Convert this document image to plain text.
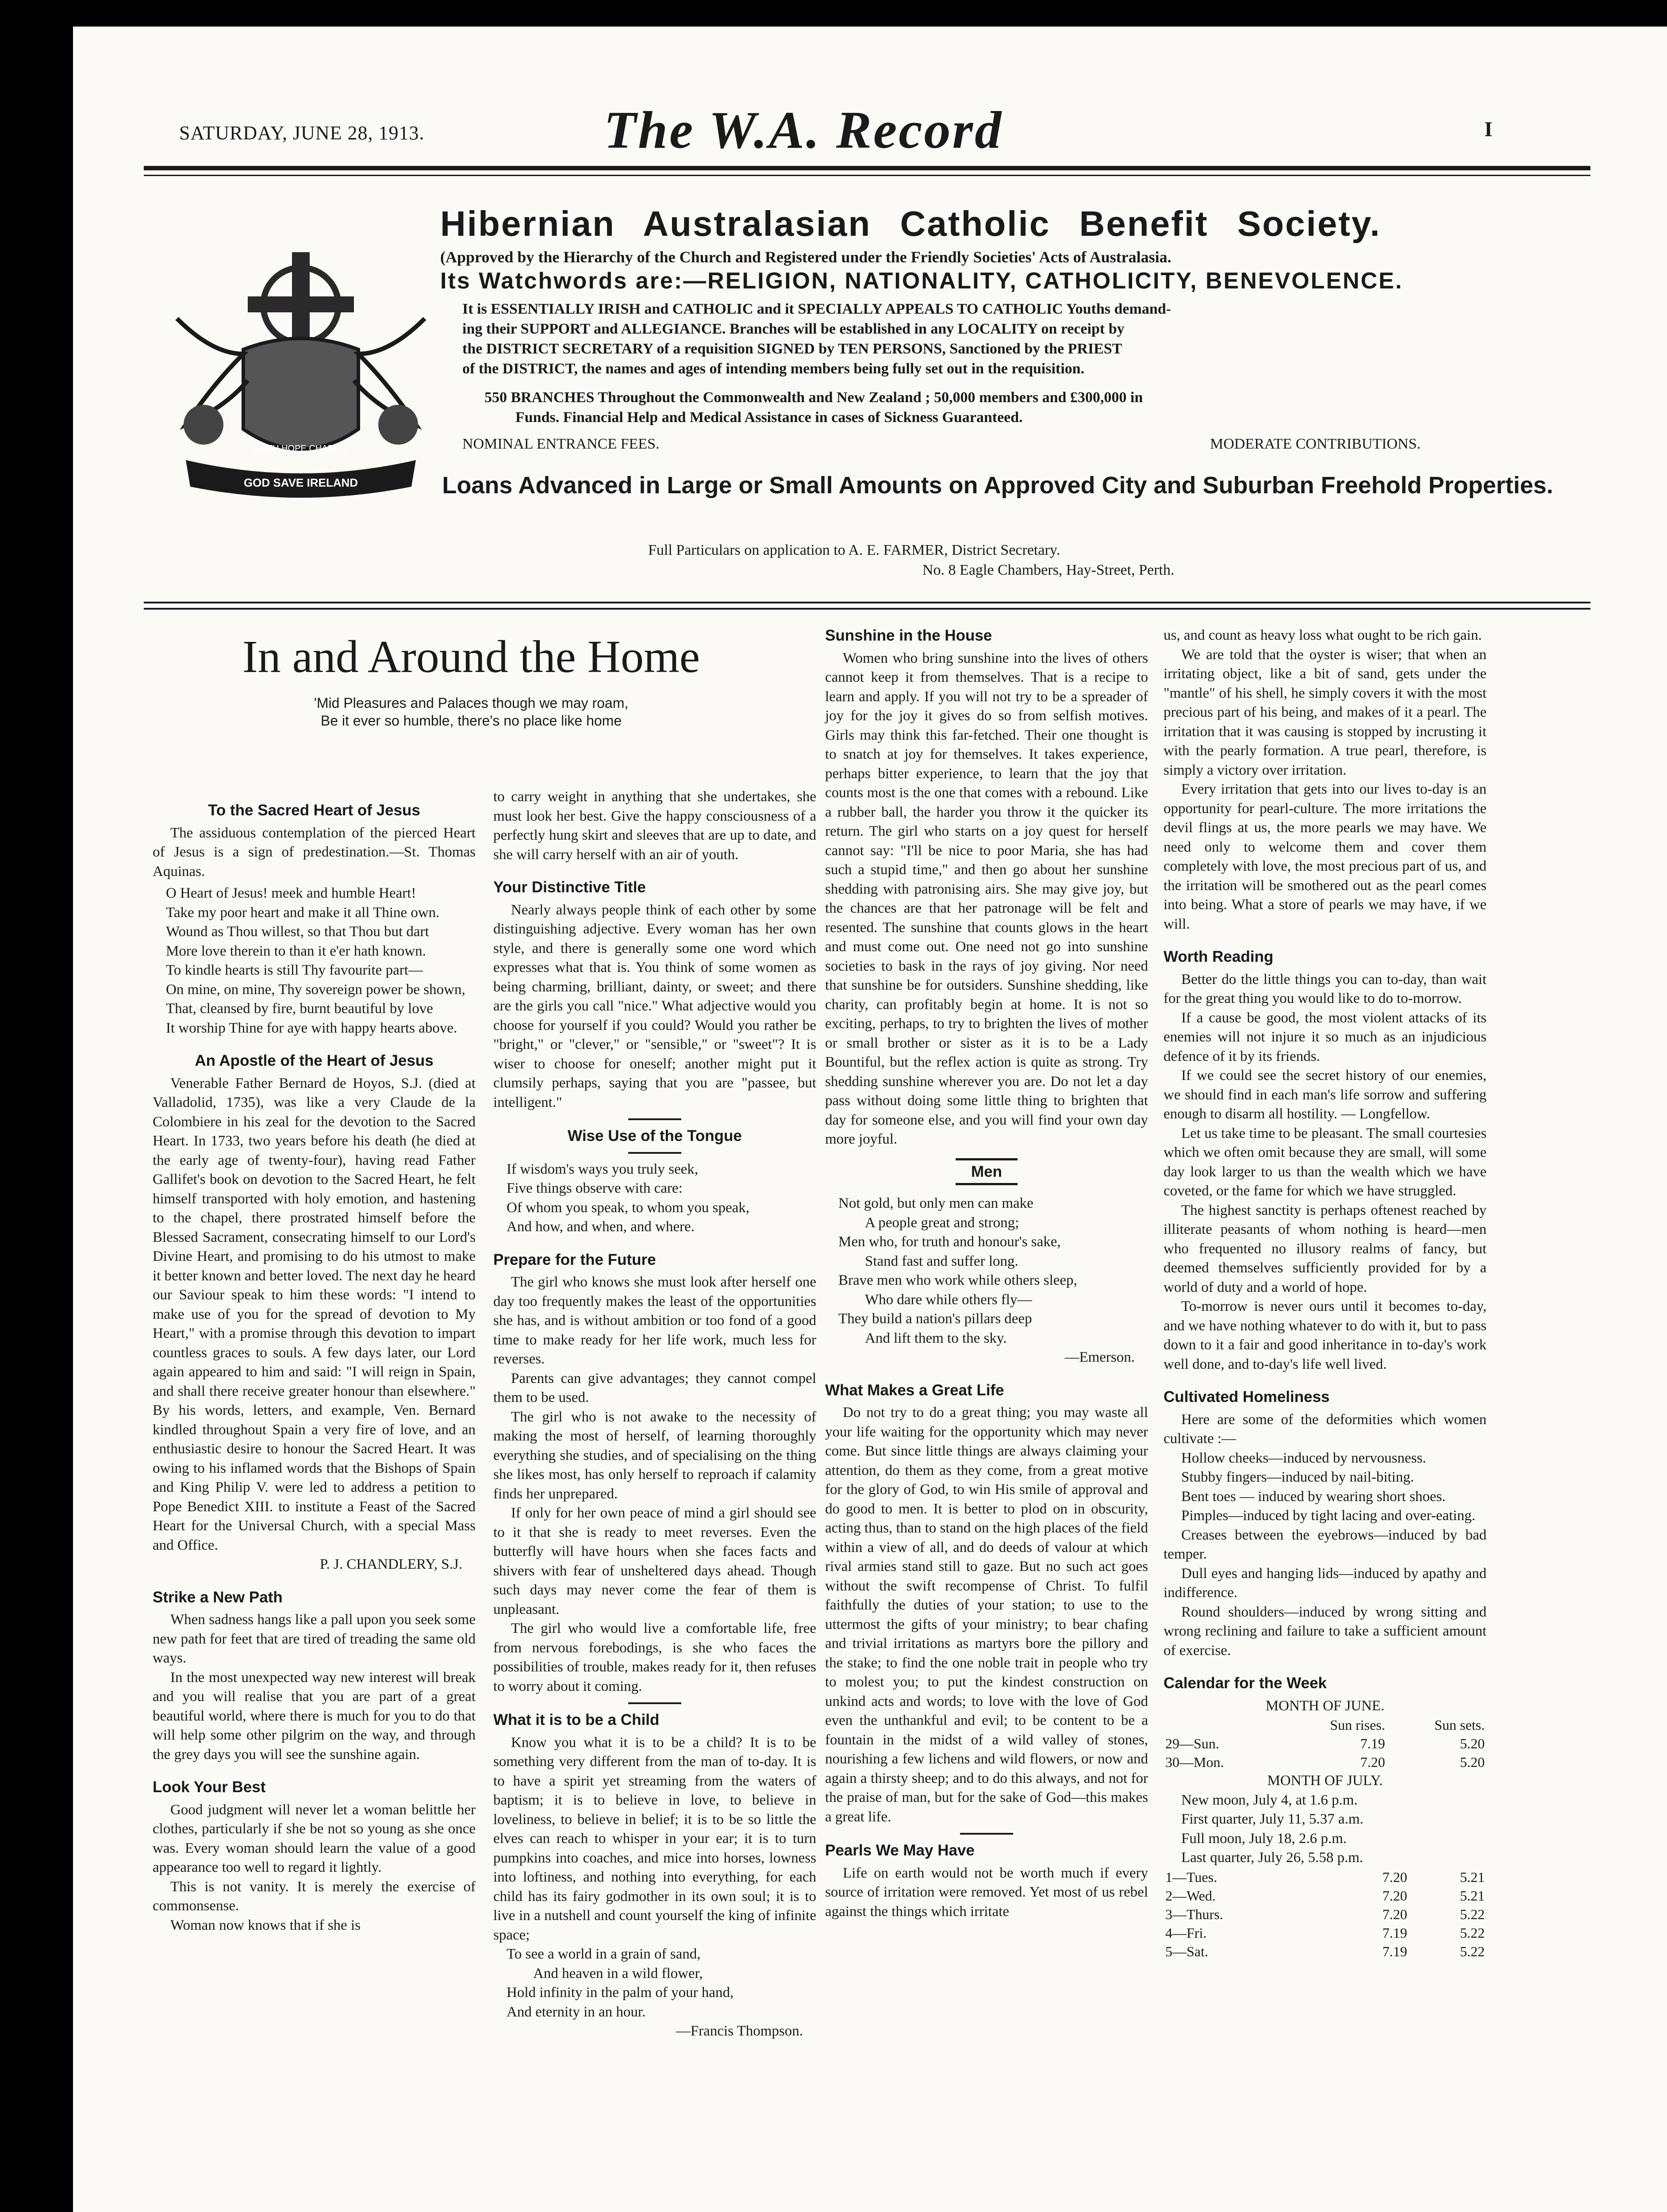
SATURDAY, JUNE 28, 1913.	The W.A. Record	I
GOD SAVE IRELAND
FAITH HOPE CHARITY
Hibernian Australasian Catholic Benefit Society.
(Approved by the Hierarchy of the Church and Registered under the Friendly Societies' Acts of Australasia.
Its Watchwords are:—RELIGION, NATIONALITY, CATHOLICITY, BENEVOLENCE.
It is ESSENTIALLY IRISH and CATHOLIC and it SPECIALLY APPEALS TO CATHOLIC Youths demand-
ing their SUPPORT and ALLEGIANCE. Branches will be established in any LOCALITY on receipt by
the DISTRICT SECRETARY of a requisition SIGNED by TEN PERSONS, Sanctioned by the PRIEST
of the DISTRICT, the names and ages of intending members being fully set out in the requisition.
550 BRANCHES Throughout the Commonwealth and New Zealand ; 50,000 members and £300,000 in
Funds. Financial Help and Medical Assistance in cases of Sickness Guaranteed.
NOMINAL ENTRANCE FEES.	MODERATE CONTRIBUTIONS.
Loans Advanced in Large or Small Amounts on Approved City and Suburban Freehold Properties.
Full Particulars on application to A. E. FARMER, District Secretary.
No. 8 Eagle Chambers, Hay-Street, Perth.
In and Around the Home
'Mid Pleasures and Palaces though we may roam,
Be it ever so humble, there's no place like home
To the Sacred Heart of Jesus

The assiduous contemplation of the pierced Heart of Jesus is a sign of predestination.—St. Thomas Aquinas.

O Heart of Jesus! meek and humble Heart!

Take my poor heart and make it all Thine own.

Wound as Thou willest, so that Thou but dart

More love therein to than it e'er hath known.

To kindle hearts is still Thy favourite part—

On mine, on mine, Thy sovereign power be shown,

That, cleansed by fire, burnt beautiful by love

It worship Thine for aye with happy hearts above.

An Apostle of the Heart of Jesus

Venerable Father Bernard de Hoyos, S.J. (died at Valladolid, 1735), was like a very Claude de la Colombiere in his zeal for the devotion to the Sacred Heart. In 1733, two years before his death (he died at the early age of twenty-four), having read Father Gallifet's book on devotion to the Sacred Heart, he felt himself transported with holy emotion, and hastening to the chapel, there prostrated himself before the Blessed Sacrament, consecrating himself to our Lord's Divine Heart, and promising to do his utmost to make it better known and better loved. The next day he heard our Saviour speak to him these words: "I intend to make use of you for the spread of devotion to My Heart," with a promise through this devotion to impart countless graces to souls. A few days later, our Lord again appeared to him and said: "I will reign in Spain, and shall there receive greater honour than elsewhere." By his words, letters, and example, Ven. Bernard kindled throughout Spain a very fire of love, and an enthusiastic desire to honour the Sacred Heart. It was owing to his inflamed words that the Bishops of Spain and King Philip V. were led to address a petition to Pope Benedict XIII. to institute a Feast of the Sacred Heart for the Universal Church, with a special Mass and Office.

P. J. CHANDLERY, S.J.

Strike a New Path

When sadness hangs like a pall upon you seek some new path for feet that are tired of treading the same old ways.

In the most unexpected way new interest will break and you will realise that you are part of a great beautiful world, where there is much for you to do that will help some other pilgrim on the way, and through the grey days you will see the sunshine again.

Look Your Best

Good judgment will never let a woman belittle her clothes, particularly if she be not so young as she once was. Every woman should learn the value of a good appearance too well to regard it lightly.

This is not vanity. It is merely the exercise of commonsense.

Woman now knows that if she is

to carry weight in anything that she undertakes, she must look her best. Give the happy consciousness of a perfectly hung skirt and sleeves that are up to date, and she will carry herself with an air of youth.

Your Distinctive Title

Nearly always people think of each other by some distinguishing adjective. Every woman has her own style, and there is generally some one word which expresses what that is. You think of some women as being charming, brilliant, dainty, or sweet; and there are the girls you call "nice." What adjective would you choose for yourself if you could? Would you rather be "bright," or "clever," or "sensible," or "sweet"? It is wiser to choose for oneself; another might put it clumsily perhaps, saying that you are "passee, but intelligent."

Wise Use of the Tongue

If wisdom's ways you truly seek,

Five things observe with care:

Of whom you speak, to whom you speak,

And how, and when, and where.

Prepare for the Future

The girl who knows she must look after herself one day too frequently makes the least of the opportunities she has, and is without ambition or too fond of a good time to make ready for her life work, much less for reverses.

Parents can give advantages; they cannot compel them to be used.

The girl who is not awake to the necessity of making the most of herself, of learning thoroughly everything she studies, and of specialising on the thing she likes most, has only herself to reproach if calamity finds her unprepared.

If only for her own peace of mind a girl should see to it that she is ready to meet reverses. Even the butterfly will have hours when she faces facts and shivers with fear of unsheltered days ahead. Though such days may never come the fear of them is unpleasant.

The girl who would live a comfortable life, free from nervous forebodings, is she who faces the possibilities of trouble, makes ready for it, then refuses to worry about it coming.

What it is to be a Child

Know you what it is to be a child? It is to be something very different from the man of to-day. It is to have a spirit yet streaming from the waters of baptism; it is to believe in love, to believe in loveliness, to believe in belief; it is to be so little the elves can reach to whisper in your ear; it is to turn pumpkins into coaches, and mice into horses, lowness into loftiness, and nothing into everything, for each child has its fairy godmother in its own soul; it is to live in a nutshell and count yourself the king of infinite space;

To see a world in a grain of sand,

And heaven in a wild flower,

Hold infinity in the palm of your hand,

And eternity in an hour.

—Francis Thompson.

Sunshine in the House

Women who bring sunshine into the lives of others cannot keep it from themselves. That is a recipe to learn and apply. If you will not try to be a spreader of joy for the joy it gives do so from selfish motives. Girls may think this far-fetched. Their one thought is to snatch at joy for themselves. It takes experience, perhaps bitter experience, to learn that the joy that counts most is the one that comes with a rebound. Like a rubber ball, the harder you throw it the quicker its return. The girl who starts on a joy quest for herself cannot say: "I'll be nice to poor Maria, she has had such a stupid time," and then go about her sunshine shedding with patronising airs. She may give joy, but the chances are that her patronage will be felt and resented. The sunshine that counts glows in the heart and must come out. One need not go into sunshine societies to bask in the rays of joy giving. Nor need that sunshine be for outsiders. Sunshine shedding, like charity, can profitably begin at home. It is not so exciting, perhaps, to try to brighten the lives of mother or small brother or sister as it is to be a Lady Bountiful, but the reflex action is quite as strong. Try shedding sunshine wherever you are. Do not let a day pass without doing some little thing to brighten that day for someone else, and you will find your own day more joyful.

Men

Not gold, but only men can make

A people great and strong;

Men who, for truth and honour's sake,

Stand fast and suffer long.

Brave men who work while others sleep,

Who dare while others fly—

They build a nation's pillars deep

And lift them to the sky.

—Emerson.

What Makes a Great Life

Do not try to do a great thing; you may waste all your life waiting for the opportunity which may never come. But since little things are always claiming your attention, do them as they come, from a great motive for the glory of God, to win His smile of approval and do good to men. It is better to plod on in obscurity, acting thus, than to stand on the high places of the field within a view of all, and do deeds of valour at which rival armies stand still to gaze. But no such act goes without the swift recompense of Christ. To fulfil faithfully the duties of your station; to use to the uttermost the gifts of your ministry; to bear chafing and trivial irritations as martyrs bore the pillory and the stake; to find the one noble trait in people who try to molest you; to put the kindest construction on unkind acts and words; to love with the love of God even the unthankful and evil; to be content to be a fountain in the midst of a wild valley of stones, nourishing a few lichens and wild flowers, or now and again a thirsty sheep; and to do this always, and not for the praise of man, but for the sake of God—this makes a great life.

Pearls We May Have

Life on earth would not be worth much if every source of irritation were removed. Yet most of us rebel against the things which irritate

us, and count as heavy loss what ought to be rich gain.

We are told that the oyster is wiser; that when an irritating object, like a bit of sand, gets under the "mantle" of his shell, he simply covers it with the most precious part of his being, and makes of it a pearl. The irritation that it was causing is stopped by incrusting it with the pearly formation. A true pearl, therefore, is simply a victory over irritation.

Every irritation that gets into our lives to-day is an opportunity for pearl-culture. The more irritations the devil flings at us, the more pearls we may have. We need only to welcome them and cover them completely with love, the most precious part of us, and the irritation will be smothered out as the pearl comes into being. What a store of pearls we may have, if we will.

Worth Reading

Better do the little things you can to-day, than wait for the great thing you would like to do to-morrow.

If a cause be good, the most violent attacks of its enemies will not injure it so much as an injudicious defence of it by its friends.

If we could see the secret history of our enemies, we should find in each man's life sorrow and suffering enough to disarm all hostility. — Longfellow.

Let us take time to be pleasant. The small courtesies which we often omit because they are small, will some day look larger to us than the wealth which we have coveted, or the fame for which we have struggled.

The highest sanctity is perhaps oftenest reached by illiterate peasants of whom nothing is heard—men who frequented no illusory realms of fancy, but deemed themselves sufficiently provided for by a world of duty and a world of hope.

To-morrow is never ours until it becomes to-day, and we have nothing whatever to do with it, but to pass down to it a fair and good inheritance in to-day's work well done, and to-day's life well lived.

Cultivated Homeliness

Here are some of the deformities which women cultivate :—

Hollow cheeks—induced by nervousness.

Stubby fingers—induced by nail-biting.

Bent toes — induced by wearing short shoes.

Pimples—induced by tight lacing and over-eating.

Creases between the eyebrows—induced by bad temper.

Dull eyes and hanging lids—induced by apathy and indifference.

Round shoulders—induced by wrong sitting and wrong reclining and failure to take a sufficient amount of exercise.

Calendar for the Week

MONTH OF JUNE.

	Sun rises.	Sun sets.
29—Sun.	7.19	5.20
30—Mon.	7.20	5.20

MONTH OF JULY.

New moon, July 4, at 1.6 p.m.

First quarter, July 11, 5.37 a.m.

Full moon, July 18, 2.6 p.m.

Last quarter, July 26, 5.58 p.m.

1—Tues.	7.20	5.21
2—Wed.	7.20	5.21
3—Thurs.	7.20	5.22
4—Fri.	7.19	5.22
5—Sat.	7.19	5.22
